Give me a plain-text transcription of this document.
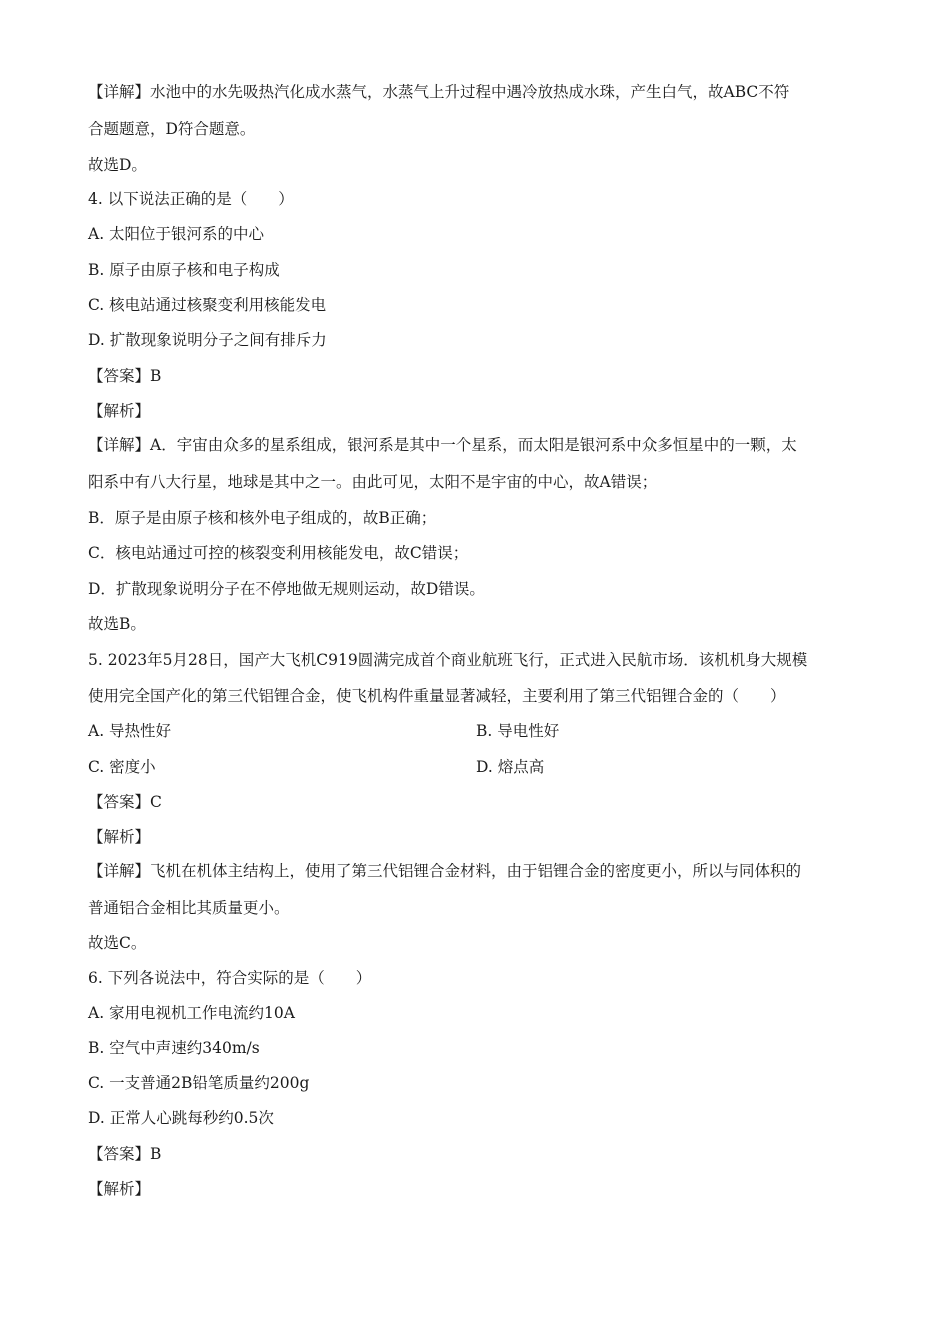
【详解】水池中的水先吸热汽化成水蒸气，水蒸气上升过程中遇冷放热成水珠，产生白气，故ABC不符
合题题意，D符合题意。
故选D。
4. 以下说法正确的是（　　）
A. 太阳位于银河系的中心
B. 原子由原子核和电子构成
C. 核电站通过核聚变利用核能发电
D. 扩散现象说明分子之间有排斥力
【答案】B
【解析】
【详解】A．宇宙由众多的星系组成，银河系是其中一个星系，而太阳是银河系中众多恒星中的一颗，太
阳系中有八大行星，地球是其中之一。由此可见，太阳不是宇宙的中心，故A错误；
B．原子是由原子核和核外电子组成的，故B正确；
C．核电站通过可控的核裂变利用核能发电，故C错误；
D．扩散现象说明分子在不停地做无规则运动，故D错误。
故选B。
5. 2023年5月28日，国产大飞机C919圆满完成首个商业航班飞行，正式进入民航市场．该机机身大规模
使用完全国产化的第三代铝锂合金，使飞机构件重量显著减轻，主要利用了第三代铝锂合金的（　　）
A. 导热性好	B. 导电性好
C. 密度小	D. 熔点高
【答案】C
【解析】
【详解】飞机在机体主结构上，使用了第三代铝锂合金材料，由于铝锂合金的密度更小，所以与同体积的
普通铝合金相比其质量更小。
故选C。
6. 下列各说法中，符合实际的是（　　）
A. 家用电视机工作电流约10A
B. 空气中声速约340m/s
C. 一支普通2B铅笔质量约200g
D. 正常人心跳每秒约0.5次
【答案】B
【解析】
